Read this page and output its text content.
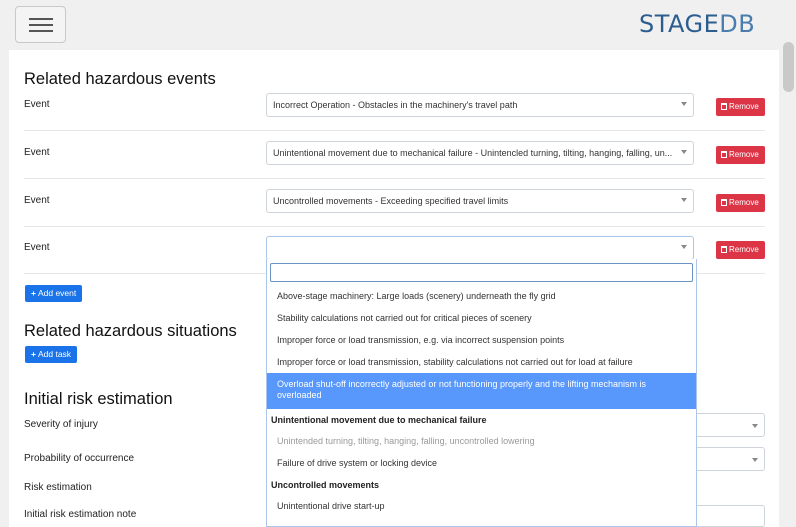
STAGEDB
Related hazardous events
Event	Incorrect Operation - Obstacles in the machinery's travel path	Remove
Event	Unintentional movement due to mechanical failure - Unintencled turning, tilting, hanging, falling, un...	Remove
Event	Uncontrolled movements - Exceeding specified travel limits	Remove
Event	Remove
+ Add event
Related hazardous situations
+ Add task
Initial risk estimation
Severity of injury
Probability of occurrence
Risk estimation
Initial risk estimation note
Above-stage machinery: Large loads (scenery) underneath the fly grid
Stability calculations not carried out for critical pieces of scenery
Improper force or load transmission, e.g. via incorrect suspension points
Improper force or load transmission, stability calculations not carried out for load at failure
Overload shut-off incorrectly adjusted or not functioning properly and the lifting mechanism is overloaded
Unintentional movement due to mechanical failure
Unintended turning, tilting, hanging, falling, uncontrolled lowering
Failure of drive system or locking device
Uncontrolled movements
Unintentional drive start-up
